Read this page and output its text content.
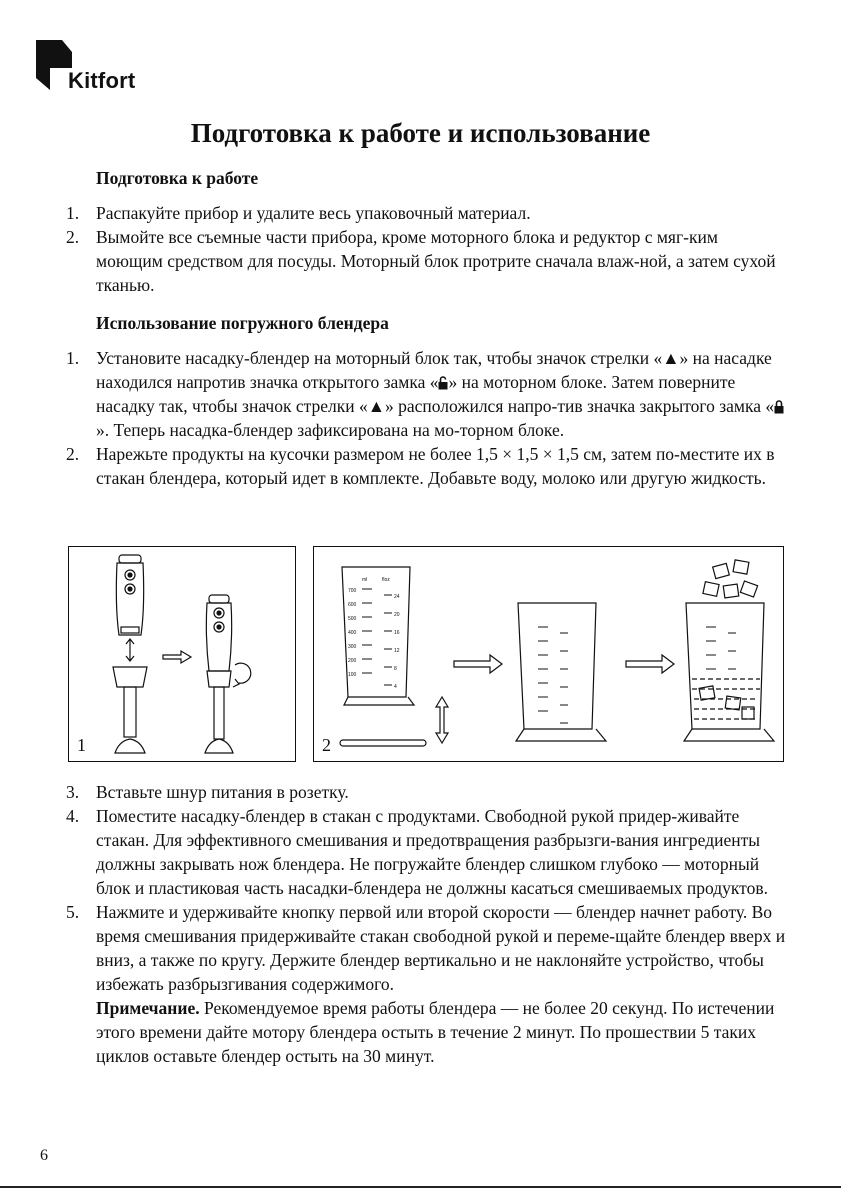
Kitfort
Подготовка к работе и использование
Подготовка к работе
1. Распакуйте прибор и удалите весь упаковочный материал.
2. Вымойте все съемные части прибора, кроме моторного блока и редуктор с мяг-ким моющим средством для посуды. Моторный блок протрите сначала влаж-ной, а затем сухой тканью.
Использование погружного блендера
1. Установите насадку-блендер на моторный блок так, чтобы значок стрелки «▲» на насадке находился напротив значка открытого замка « » на моторном блоке. Затем поверните насадку так, чтобы значок стрелки «▲» расположился напро-тив значка закрытого замка «». Теперь насадка-блендер зафиксирована на мо-торном блоке.
2. Нарежьте продукты на кусочки размером не более 1,5 × 1,5 × 1,5 см, затем по-местите их в стакан блендера, который идет в комплекте. Добавьте воду, молоко или другую жидкость.
1
700
600
500
400
300
200
100
24
20
16
12
8
4
ml	floz
2
3. Вставьте шнур питания в розетку.
4. Поместите насадку-блендер в стакан с продуктами. Свободной рукой придер-живайте стакан. Для эффективного смешивания и предотвращения разбрызги-вания ингредиенты должны закрывать нож блендера. Не погружайте блендер слишком глубоко — моторный блок и пластиковая часть насадки-блендера не должны касаться смешиваемых продуктов.
5. Нажмите и удерживайте кнопку первой или второй скорости — блендер начнет работу. Во время смешивания придерживайте стакан свободной рукой и переме-щайте блендер вверх и вниз, а также по кругу. Держите блендер вертикально и не наклоняйте устройство, чтобы избежать разбрызгивания содержимого.
Примечание. Рекомендуемое время работы блендера — не более 20 секунд. По истечении этого времени дайте мотору блендера остыть в течение 2 минут. По прошествии 5 таких циклов оставьте блендер остыть на 30 минут.
6
